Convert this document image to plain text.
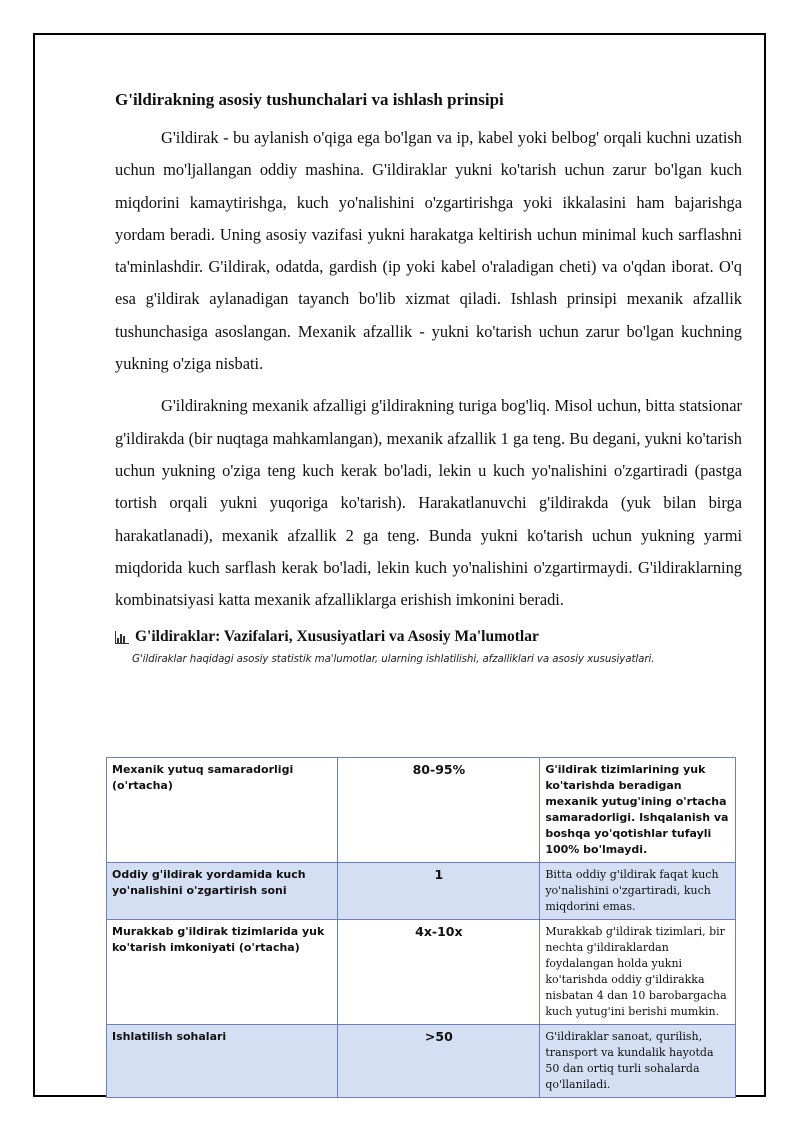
G'ildirakning asosiy tushunchalari va ishlash prinsipi

G'ildirak - bu aylanish o'qiga ega bo'lgan va ip, kabel yoki belbog' orqali kuchni uzatish uchun mo'ljallangan oddiy mashina. G'ildiraklar yukni ko'tarish uchun zarur bo'lgan kuch miqdorini kamaytirishga, kuch yo'nalishini o'zgartirishga yoki ikkalasini ham bajarishga yordam beradi. Uning asosiy vazifasi yukni harakatga keltirish uchun minimal kuch sarflashni ta'minlashdir. G'ildirak, odatda, gardish (ip yoki kabel o'raladigan cheti) va o'qdan iborat. O'q esa g'ildirak aylanadigan tayanch bo'lib xizmat qiladi. Ishlash prinsipi mexanik afzallik tushunchasiga asoslangan. Mexanik afzallik - yukni ko'tarish uchun zarur bo'lgan kuchning yukning o'ziga nisbati.

G'ildirakning mexanik afzalligi g'ildirakning turiga bog'liq. Misol uchun, bitta statsionar g'ildirakda (bir nuqtaga mahkamlangan), mexanik afzallik 1 ga teng. Bu degani, yukni ko'tarish uchun yukning o'ziga teng kuch kerak bo'ladi, lekin u kuch yo'nalishini o'zgartiradi (pastga tortish orqali yukni yuqoriga ko'tarish). Harakatlanuvchi g'ildirakda (yuk bilan birga harakatlanadi), mexanik afzallik 2 ga teng. Bunda yukni ko'tarish uchun yukning yarmi miqdorida kuch sarflash kerak bo'ladi, lekin kuch yo'nalishini o'zgartirmaydi. G'ildiraklarning kombinatsiyasi katta mexanik afzalliklarga erishish imkonini beradi.

G'ildiraklar: Vazifalari, Xususiyatlari va Asosiy Ma'lumotlar
G'ildiraklar haqidagi asosiy statistik ma'lumotlar, ularning ishlatilishi, afzalliklari va asosiy xususiyatlari.
Mexanik yutuq samaradorligi (o'rtacha)	80-95%	G'ildirak tizimlarining yuk ko'tarishda beradigan mexanik yutug'ining o'rtacha samaradorligi. Ishqalanish va boshqa yo'qotishlar tufayli 100% bo'lmaydi.
Oddiy g'ildirak yordamida kuch yo'nalishini o'zgartirish soni	1	Bitta oddiy g'ildirak faqat kuch yo'nalishini o'zgartiradi, kuch miqdorini emas.
Murakkab g'ildirak tizimlarida yuk ko'tarish imkoniyati (o'rtacha)	4x-10x	Murakkab g'ildirak tizimlari, bir nechta g'ildiraklardan foydalangan holda yukni ko'tarishda oddiy g'ildirakka nisbatan 4 dan 10 barobargacha kuch yutug'ini berishi mumkin.
Ishlatilish sohalari	>50	G'ildiraklar sanoat, qurilish, transport va kundalik hayotda 50 dan ortiq turli sohalarda qo'llaniladi.
